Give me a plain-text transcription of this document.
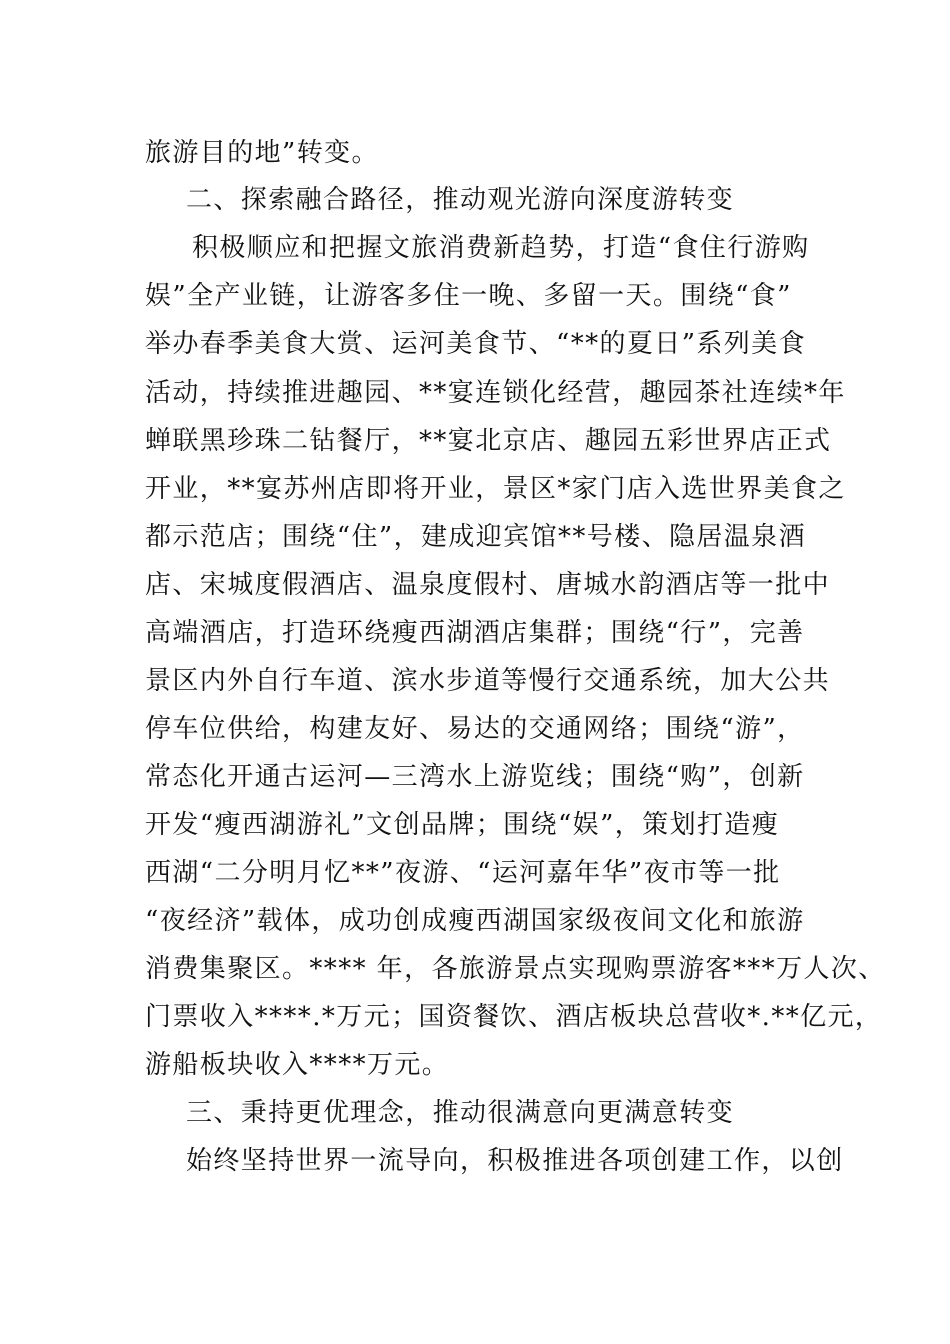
旅游目的地”转变。
二、探索融合路径，推动观光游向深度游转变
积极顺应和把握文旅消费新趋势，打造“食住行游购
娱”全产业链，让游客多住一晚、多留一天。围绕“食”
举办春季美食大赏、运河美食节、“**的夏日”系列美食
活动，持续推进趣园、**宴连锁化经营，趣园茶社连续*年
蝉联黑珍珠二钻餐厅，**宴北京店、趣园五彩世界店正式
开业，**宴苏州店即将开业，景区*家门店入选世界美食之
都示范店；围绕“住”，建成迎宾馆**号楼、隐居温泉酒
店、宋城度假酒店、温泉度假村、唐城水韵酒店等一批中
高端酒店，打造环绕瘦西湖酒店集群；围绕“行”，完善
景区内外自行车道、滨水步道等慢行交通系统，加大公共
停车位供给，构建友好、易达的交通网络；围绕“游”，
常态化开通古运河—三湾水上游览线；围绕“购”，创新
开发“瘦西湖游礼”文创品牌；围绕“娱”，策划打造瘦
西湖“二分明月忆**”夜游、“运河嘉年华”夜市等一批
“夜经济”载体，成功创成瘦西湖国家级夜间文化和旅游
消费集聚区。**** 年，各旅游景点实现购票游客***万人次、
门票收入****.*万元；国资餐饮、酒店板块总营收*.**亿元，
游船板块收入****万元。
三、秉持更优理念，推动很满意向更满意转变
始终坚持世界一流导向，积极推进各项创建工作，以创
